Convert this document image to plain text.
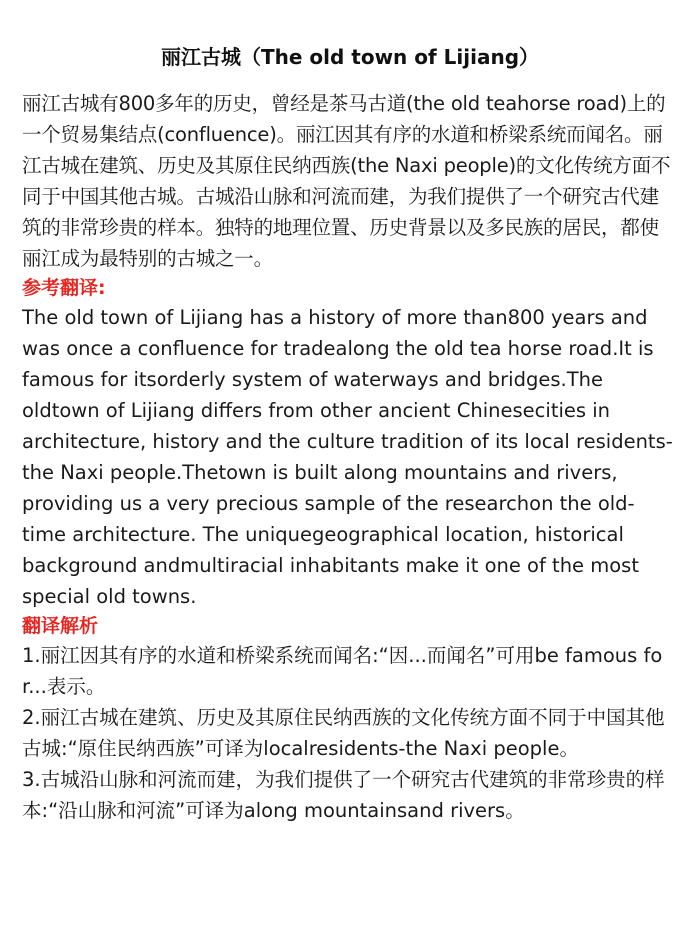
丽江古城（The old town of Lijiang）

丽江古城有800多年的历史，曾经是茶马古道(the old teahorse road)上的一个贸易集结点(confluence)。丽江因其有序的水道和桥梁系统而闻名。丽江古城在建筑、历史及其原住民纳西族(the Naxi people)的文化传统方面不同于中国其他古城。古城沿山脉和河流而建，为我们提供了一个研究古代建筑的非常珍贵的样本。独特的地理位置、历史背景以及多民族的居民，都使丽江成为最特别的古城之一。

参考翻译:

The old town of Lijiang has a history of more than800 years and was once a confluence for tradealong the old tea horse road.It is famous for itsorderly system of waterways and bridges.The oldtown of Lijiang differs from other ancient Chinesecities in architecture, history and the culture tradition of its local residents-the Naxi people.Thetown is built along mountains and rivers, providing us a very precious sample of the researchon the old-time architecture. The uniquegeographical location, historical background andmultiracial inhabitants make it one of the most special old towns.

翻译解析
1.丽江因其有序的水道和桥梁系统而闻名:“因...而闻名”可用be famous for...表示。
2.丽江古城在建筑、历史及其原住民纳西族的文化传统方面不同于中国其他古城:“原住民纳西族”可译为localresidents-the Naxi people。
3.古城沿山脉和河流而建，为我们提供了一个研究古代建筑的非常珍贵的样本:“沿山脉和河流”可译为along mountainsand rivers。
